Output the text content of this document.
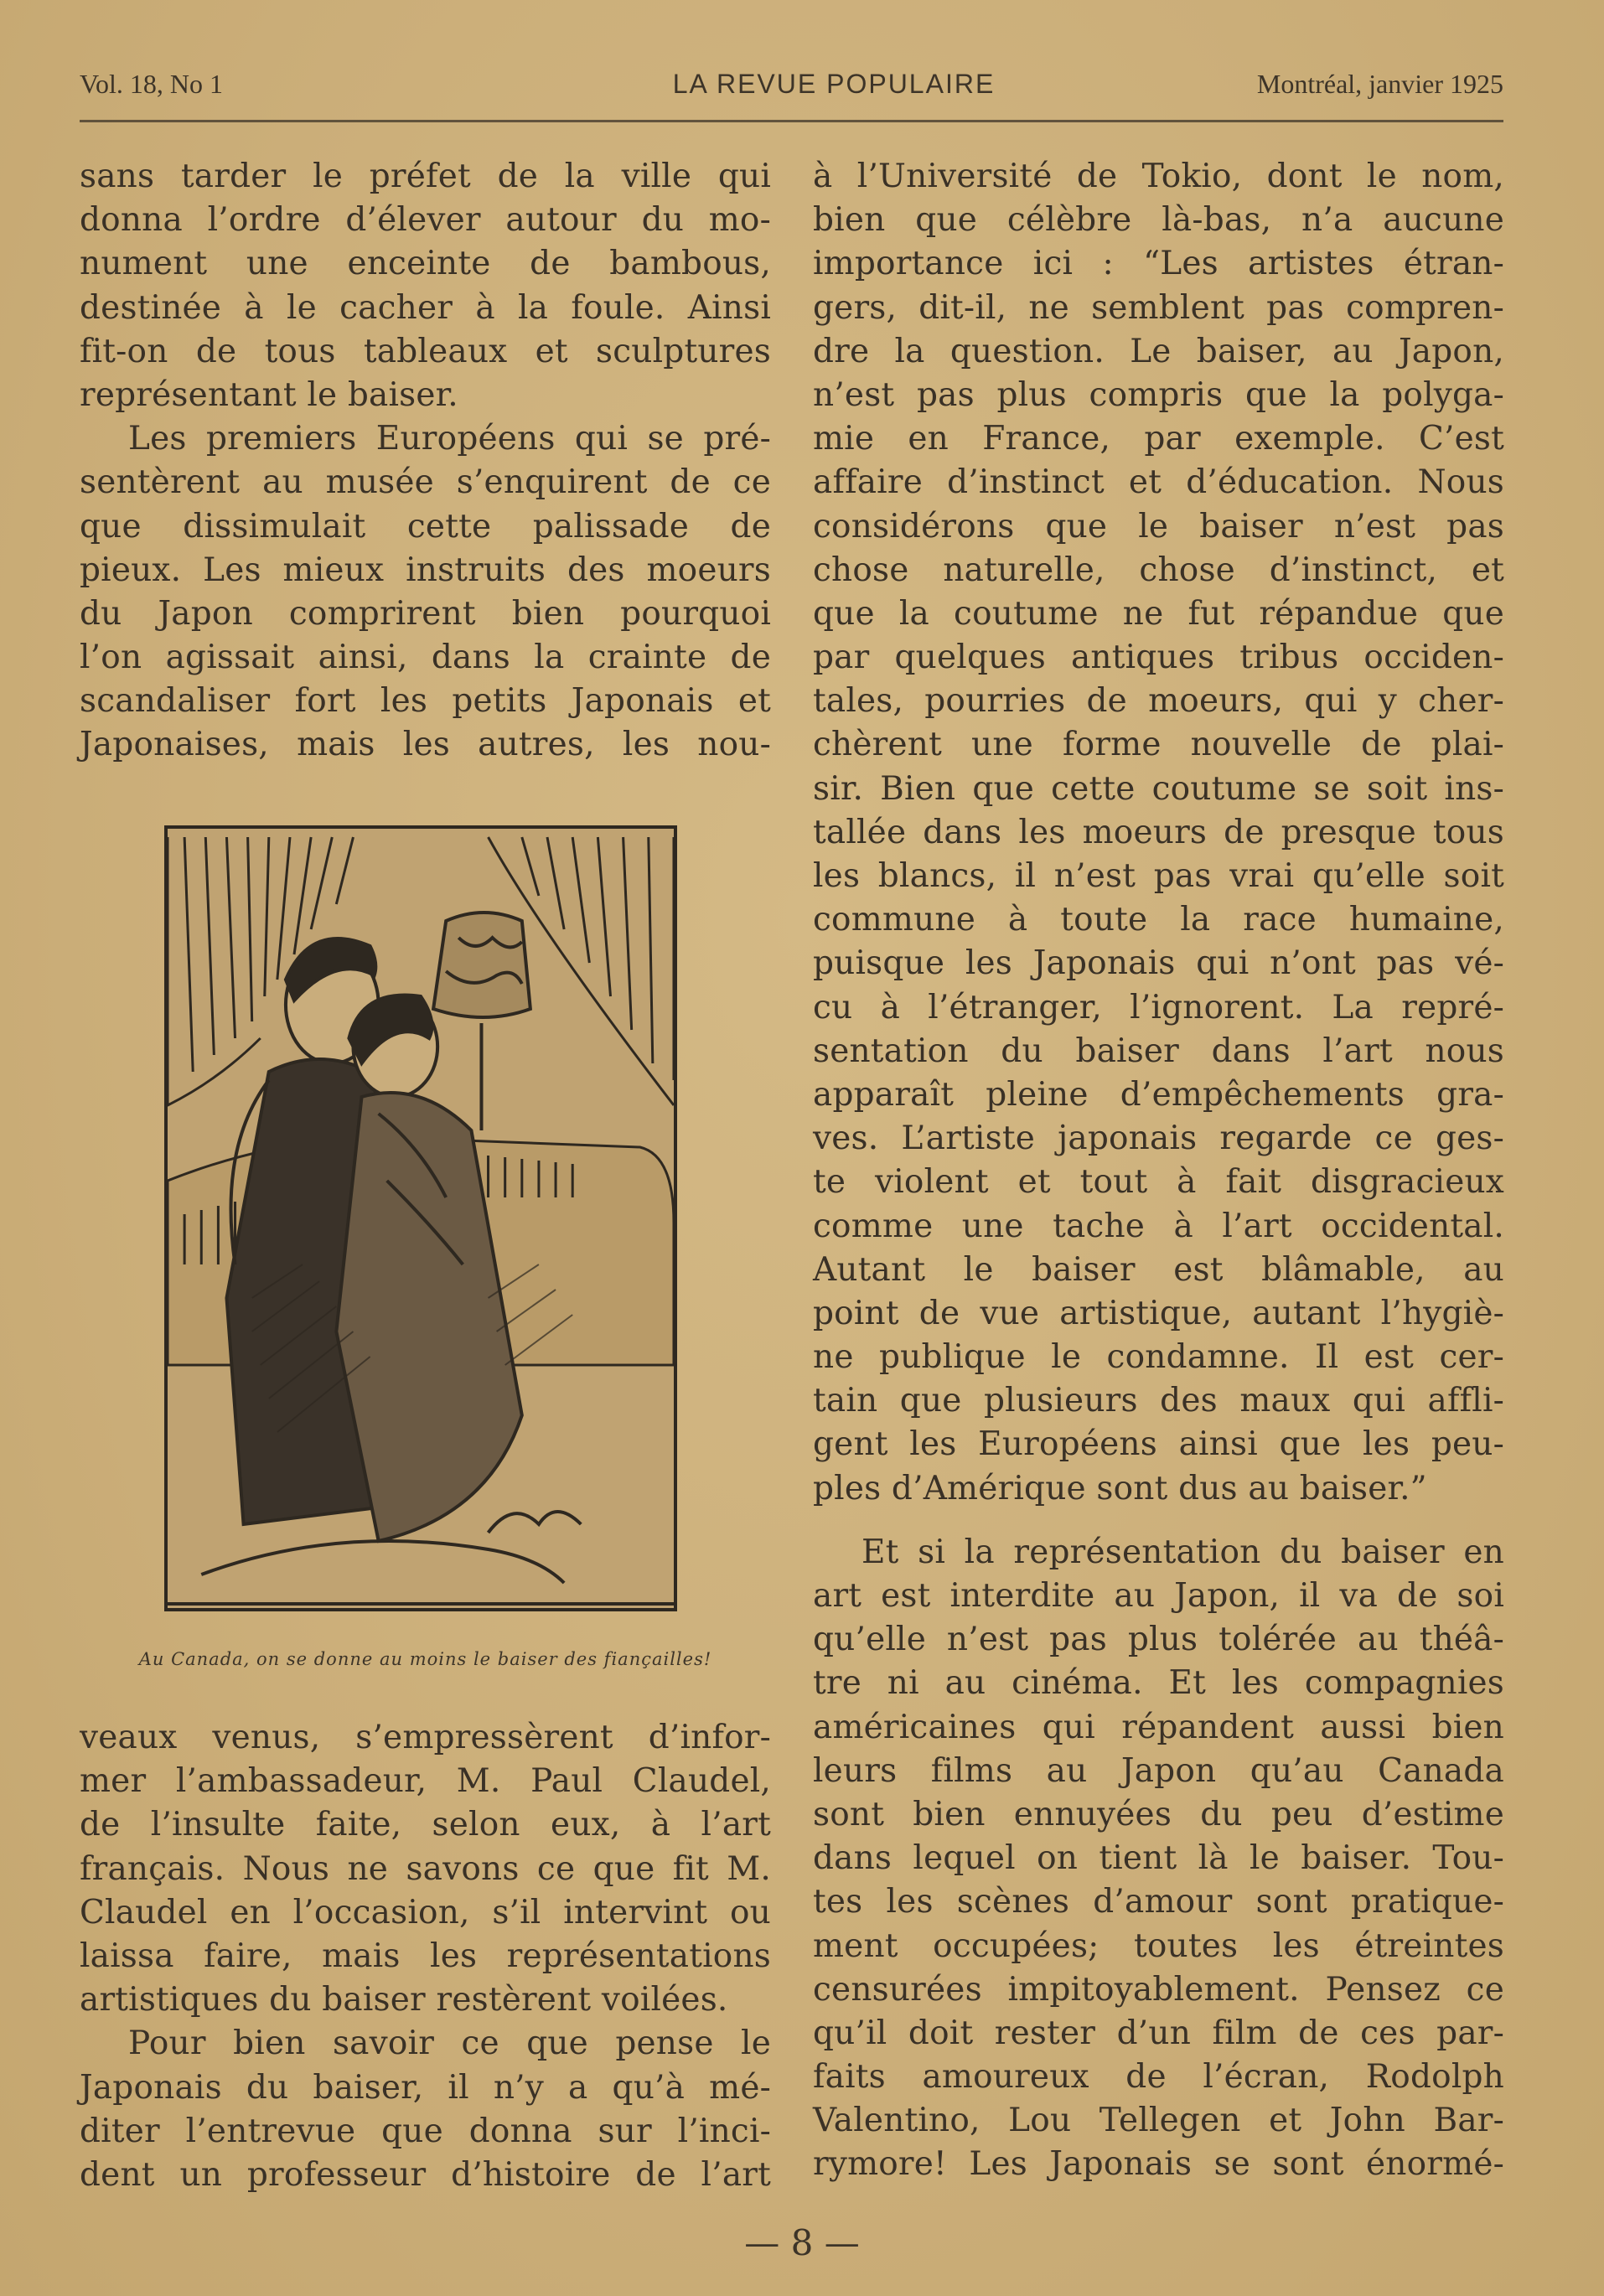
Vol. 18, No 1	LA REVUE POPULAIRE	Montréal, janvier 1925
sans tarder le préfet de la ville qui
donna l’ordre d’élever autour du mo-
nument une enceinte de bambous,
destinée à le cacher à la foule. Ainsi
fit-on de tous tableaux et sculptures
représentant le baiser.
Les premiers Européens qui se pré-
sentèrent au musée s’enquirent de ce
que dissimulait cette palissade de
pieux. Les mieux instruits des moeurs
du Japon comprirent bien pourquoi
l’on agissait ainsi, dans la crainte de
scandaliser fort les petits Japonais et
Japonaises, mais les autres, les nou-
Au Canada, on se donne au moins le baiser des fiançailles!
veaux venus, s’empressèrent d’infor-
mer l’ambassadeur, M. Paul Claudel,
de l’insulte faite, selon eux, à l’art
français. Nous ne savons ce que fit M.
Claudel en l’occasion, s’il intervint ou
laissa faire, mais les représentations
artistiques du baiser restèrent voilées.
Pour bien savoir ce que pense le
Japonais du baiser, il n’y a qu’à mé-
diter l’entrevue que donna sur l’inci-
dent un professeur d’histoire de l’art
à l’Université de Tokio, dont le nom,
bien que célèbre là-bas, n’a aucune
importance ici : “Les artistes étran-
gers, dit-il, ne semblent pas compren-
dre la question. Le baiser, au Japon,
n’est pas plus compris que la polyga-
mie en France, par exemple. C’est
affaire d’instinct et d’éducation. Nous
considérons que le baiser n’est pas
chose naturelle, chose d’instinct, et
que la coutume ne fut répandue que
par quelques antiques tribus occiden-
tales, pourries de moeurs, qui y cher-
chèrent une forme nouvelle de plai-
sir. Bien que cette coutume se soit ins-
tallée dans les moeurs de presque tous
les blancs, il n’est pas vrai qu’elle soit
commune à toute la race humaine,
puisque les Japonais qui n’ont pas vé-
cu à l’étranger, l’ignorent. La repré-
sentation du baiser dans l’art nous
apparaît pleine d’empêchements gra-
ves. L’artiste japonais regarde ce ges-
te violent et tout à fait disgracieux
comme une tache à l’art occidental.
Autant le baiser est blâmable, au
point de vue artistique, autant l’hygiè-
ne publique le condamne. Il est cer-
tain que plusieurs des maux qui affli-
gent les Européens ainsi que les peu-
ples d’Amérique sont dus au baiser.”
Et si la représentation du baiser en
art est interdite au Japon, il va de soi
qu’elle n’est pas plus tolérée au théâ-
tre ni au cinéma. Et les compagnies
américaines qui répandent aussi bien
leurs films au Japon qu’au Canada
sont bien ennuyées du peu d’estime
dans lequel on tient là le baiser. Tou-
tes les scènes d’amour sont pratique-
ment occupées; toutes les étreintes
censurées impitoyablement. Pensez ce
qu’il doit rester d’un film de ces par-
faits amoureux de l’écran, Rodolph
Valentino, Lou Tellegen et John Bar-
rymore! Les Japonais se sont énormé-
— 8 —
